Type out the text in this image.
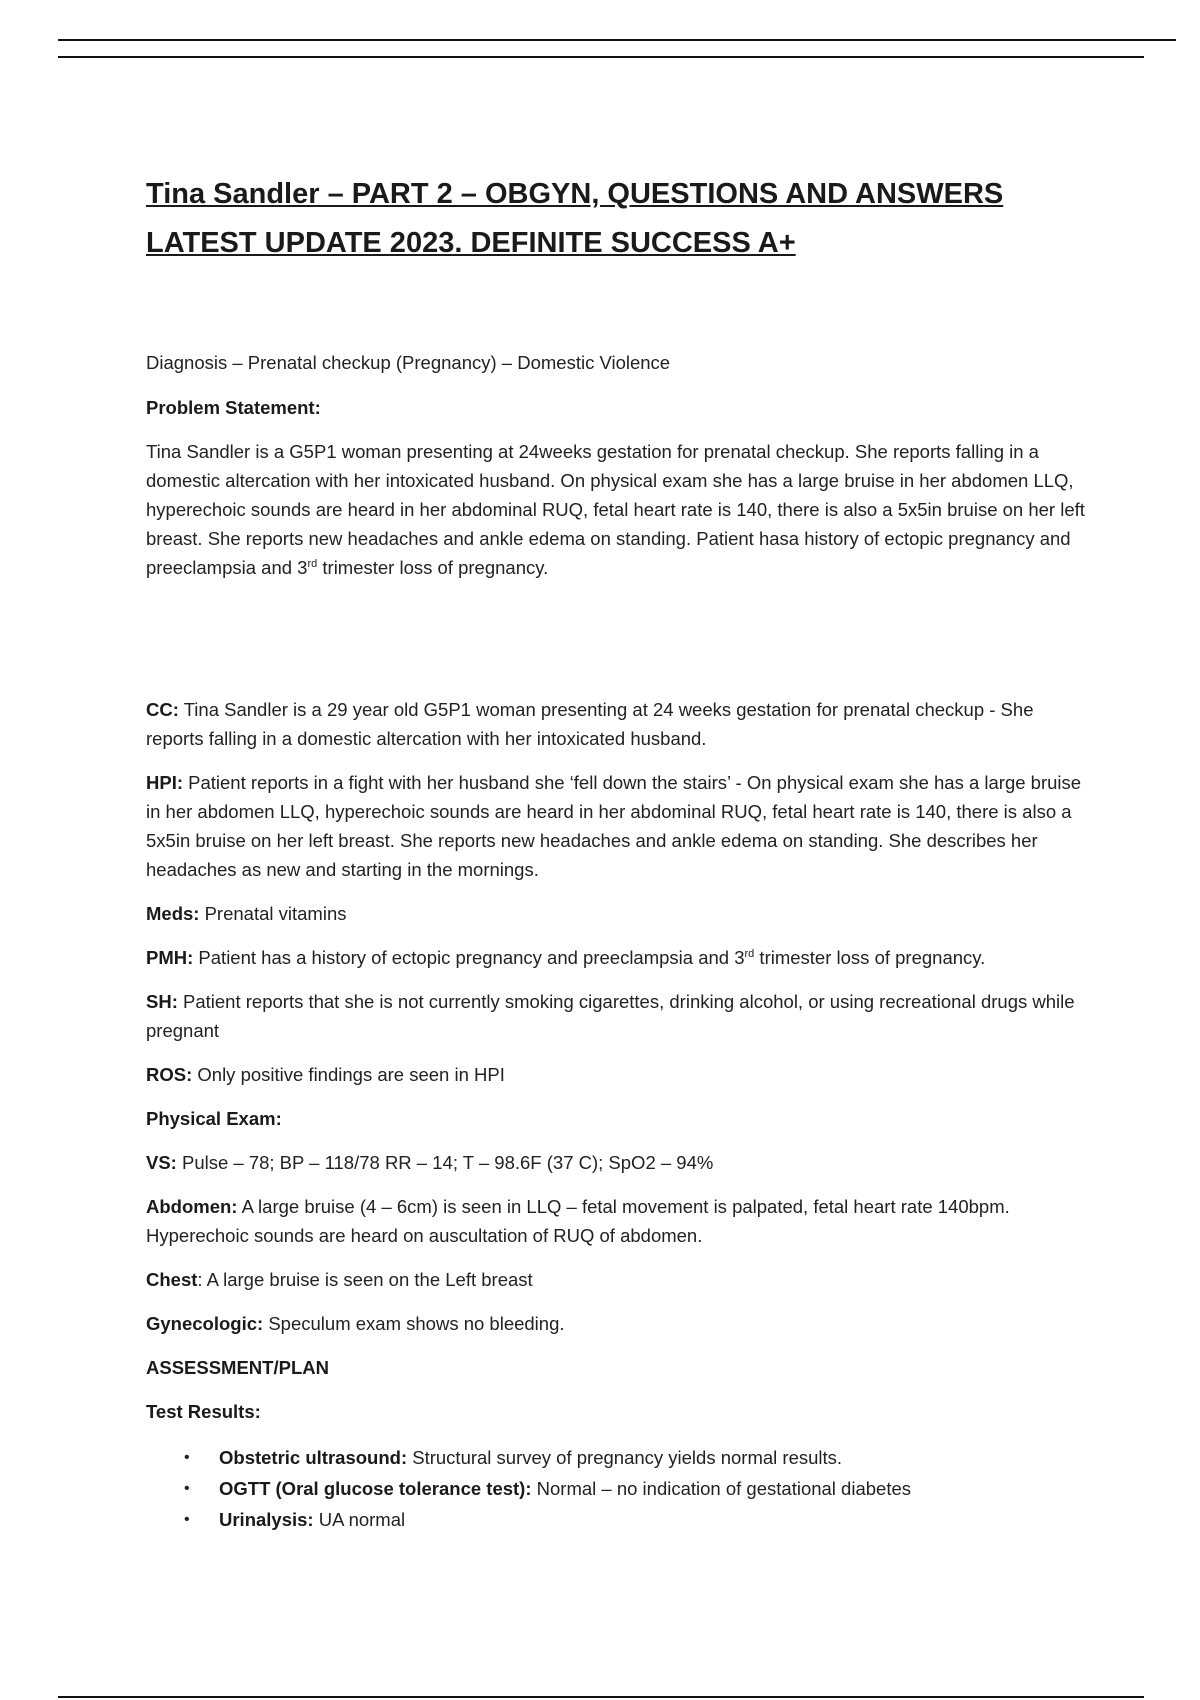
Tina Sandler – PART 2 – OBGYN, QUESTIONS AND ANSWERS
LATEST UPDATE 2023. DEFINITE SUCCESS A+
Diagnosis – Prenatal checkup (Pregnancy) – Domestic Violence

Problem Statement:

Tina Sandler is a G5P1 woman presenting at 24weeks gestation for prenatal checkup. She reports falling in a domestic altercation with her intoxicated husband. On physical exam she has a large bruise in her abdomen LLQ, hyperechoic sounds are heard in her abdominal RUQ, fetal heart rate is 140, there is also a 5x5in bruise on her left breast. She reports new headaches and ankle edema on standing. Patient hasa history of ectopic pregnancy and preeclampsia and 3rd trimester loss of pregnancy.

CC: Tina Sandler is a 29 year old G5P1 woman presenting at 24 weeks gestation for prenatal checkup - She reports falling in a domestic altercation with her intoxicated husband.

HPI: Patient reports in a fight with her husband she ‘fell down the stairs’ - On physical exam she has a large bruise in her abdomen LLQ, hyperechoic sounds are heard in her abdominal RUQ, fetal heart rate is 140, there is also a 5x5in bruise on her left breast. She reports new headaches and ankle edema on standing. She describes her headaches as new and starting in the mornings.

Meds: Prenatal vitamins

PMH: Patient has a history of ectopic pregnancy and preeclampsia and 3rd trimester loss of pregnancy.

SH: Patient reports that she is not currently smoking cigarettes, drinking alcohol, or using recreational drugs while pregnant

ROS: Only positive findings are seen in HPI

Physical Exam:

VS: Pulse – 78; BP – 118/78 RR – 14; T – 98.6F (37 C); SpO2 – 94%

Abdomen: A large bruise (4 – 6cm) is seen in LLQ – fetal movement is palpated, fetal heart rate 140bpm. Hyperechoic sounds are heard on auscultation of RUQ of abdomen.

Chest: A large bruise is seen on the Left breast

Gynecologic: Speculum exam shows no bleeding.

ASSESSMENT/PLAN

Test Results:

• Obstetric ultrasound: Structural survey of pregnancy yields normal results.
• OGTT (Oral glucose tolerance test): Normal – no indication of gestational diabetes
• Urinalysis: UA normal
